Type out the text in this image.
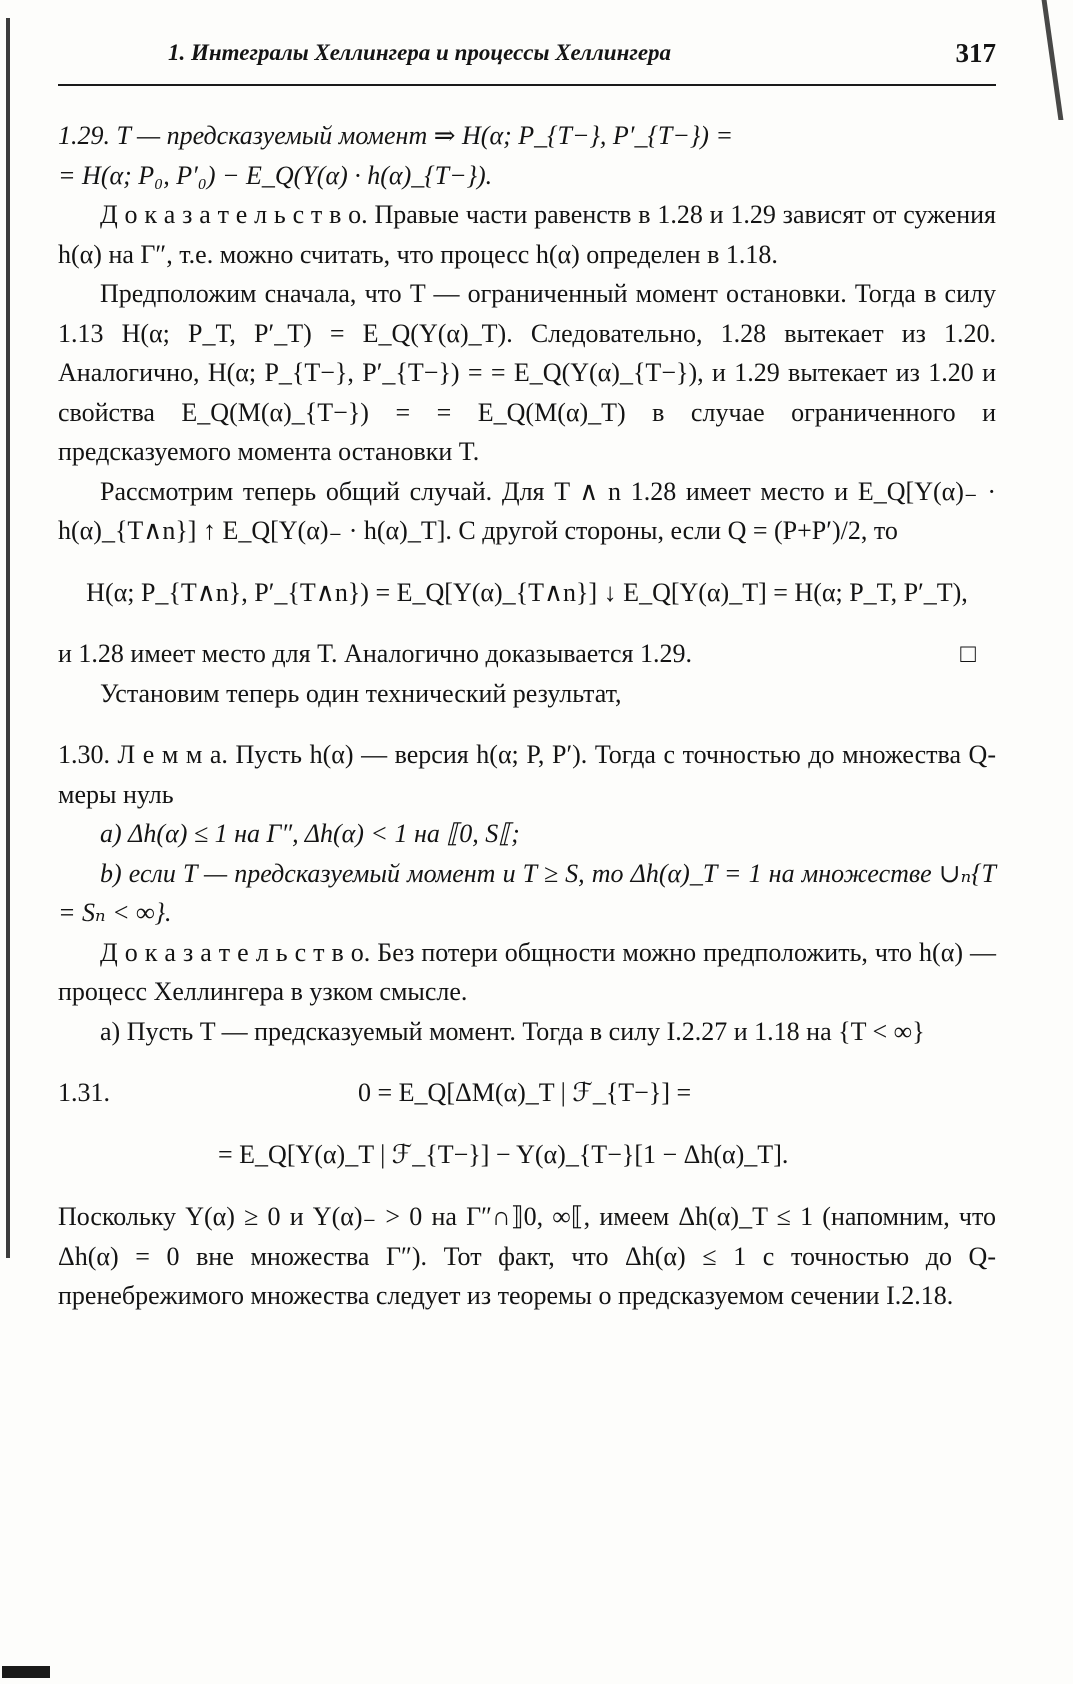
1. Интегралы Хеллингера и процессы Хеллингера	317

1.29. T — предсказуемый момент ⇒ H(α; P_{T−}, P′_{T−}) =

= H(α; P₀, P′₀) − E_Q(Y(α) · h(α)_{T−}).

Д о к а з а т е л ь с т в о. Правые части равенств в 1.28 и 1.29 зависят от сужения h(α) на Γ″, т.е. можно считать, что процесс h(α) определен в 1.18.

Предположим сначала, что T — ограниченный момент остановки. Тогда в силу 1.13 H(α; P_T, P′_T) = E_Q(Y(α)_T). Следовательно, 1.28 вытекает из 1.20. Аналогично, H(α; P_{T−}, P′_{T−}) = = E_Q(Y(α)_{T−}), и 1.29 вытекает из 1.20 и свойства E_Q(M(α)_{T−}) = = E_Q(M(α)_T) в случае ограниченного и предсказуемого момента остановки T.

Рассмотрим теперь общий случай. Для T ∧ n 1.28 имеет место и E_Q[Y(α)₋ · h(α)_{T∧n}] ↑ E_Q[Y(α)₋ · h(α)_T]. С другой стороны, если Q = (P+P′)/2, то

H(α; P_{T∧n}, P′_{T∧n}) = E_Q[Y(α)_{T∧n}] ↓ E_Q[Y(α)_T] = H(α; P_T, P′_T),

и 1.28 имеет место для T. Аналогично доказывается 1.29.	□

Установим теперь один технический результат,

1.30. Л е м м а. Пусть h(α) — версия h(α; P, P′). Тогда с точностью до множества Q-меры нуль

a) Δh(α) ≤ 1 на Γ″, Δh(α) < 1 на ⟦0, S⟦;

b) если T — предсказуемый момент и T ≥ S, то Δh(α)_T = 1 на множестве ∪ₙ{T = Sₙ < ∞}.

Д о к а з а т е л ь с т в о. Без потери общности можно предположить, что h(α) — процесс Хеллингера в узком смысле.

a) Пусть T — предсказуемый момент. Тогда в силу I.2.27 и 1.18 на {T < ∞}

1.31.	0 = E_Q[ΔM(α)_T | ℱ_{T−}] =
= E_Q[Y(α)_T | ℱ_{T−}] − Y(α)_{T−}[1 − Δh(α)_T].

Поскольку Y(α) ≥ 0 и Y(α)₋ > 0 на Γ″∩⟧0, ∞⟦, имеем Δh(α)_T ≤ 1 (напомним, что Δh(α) = 0 вне множества Γ″). Тот факт, что Δh(α) ≤ 1 с точностью до Q-пренебрежимого множества следует из теоремы о предсказуемом сечении I.2.18.
